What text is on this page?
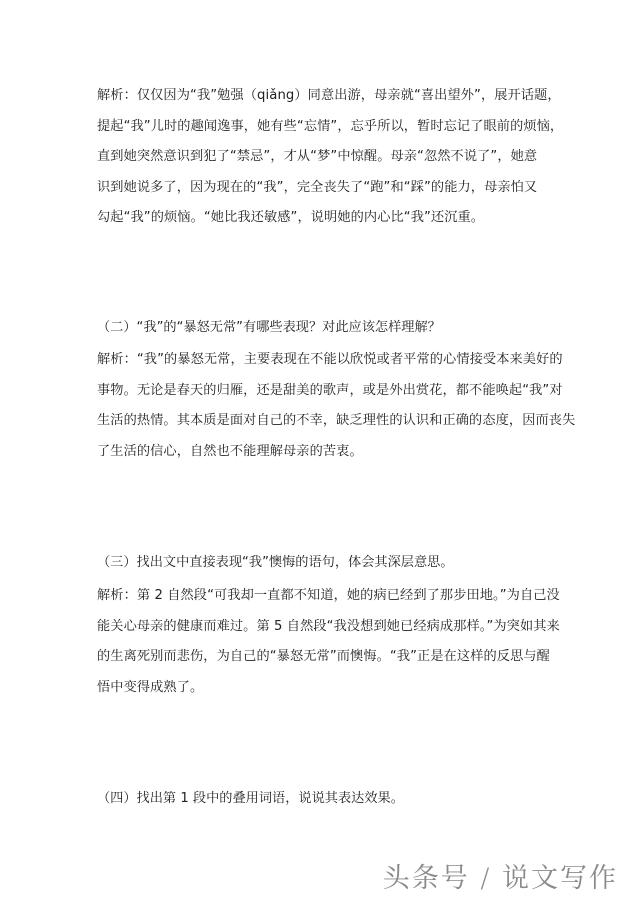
解析：仅仅因为“我”勉强（qiǎng）同意出游，母亲就“喜出望外”，展开话题，
提起“我”儿时的趣闻逸事，她有些“忘情”，忘乎所以，暂时忘记了眼前的烦恼，
直到她突然意识到犯了“禁忌”，才从“梦”中惊醒。母亲“忽然不说了”，她意
识到她说多了，因为现在的“我”，完全丧失了“跑”和“踩”的能力，母亲怕又
勾起“我”的烦恼。“她比我还敏感”，说明她的内心比“我”还沉重。
（二）“我”的“暴怒无常”有哪些表现？对此应该怎样理解？
解析：“我”的暴怒无常，主要表现在不能以欣悦或者平常的心情接受本来美好的
事物。无论是春天的归雁，还是甜美的歌声，或是外出赏花，都不能唤起“我”对
生活的热情。其本质是面对自己的不幸，缺乏理性的认识和正确的态度，因而丧失
了生活的信心，自然也不能理解母亲的苦衷。
（三）找出文中直接表现“我”懊悔的语句，体会其深层意思。
解析：第 2 自然段“可我却一直都不知道，她的病已经到了那步田地。”为自己没
能关心母亲的健康而难过。第 5 自然段“我没想到她已经病成那样。”为突如其来
的生离死别而悲伤，为自己的“暴怒无常”而懊悔。“我”正是在这样的反思与醒
悟中变得成熟了。
（四）找出第 1 段中的叠用词语，说说其表达效果。
头条号 / 说文写作
